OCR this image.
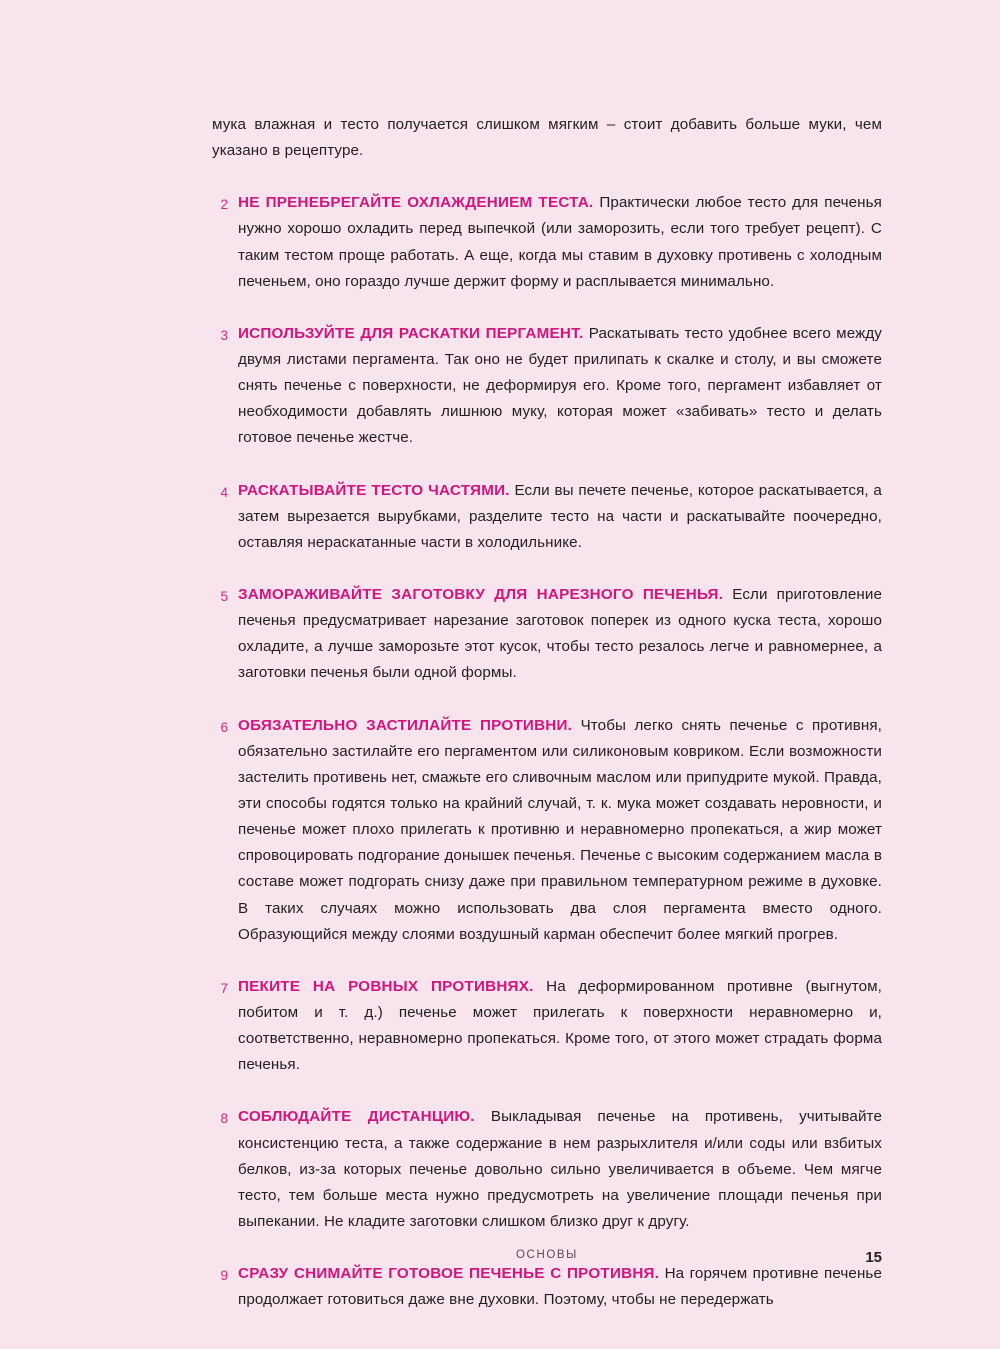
мука влажная и тесто получается слишком мягким – стоит добавить больше муки, чем указано в рецептуре.

2 НЕ ПРЕНЕБРЕГАЙТЕ ОХЛАЖДЕНИЕМ ТЕСТА. Практически любое тесто для печенья нужно хорошо охладить перед выпечкой (или заморозить, если того требует рецепт). С таким тестом проще работать. А еще, когда мы ставим в духовку противень с холодным печеньем, оно гораздо лучше держит форму и расплывается минимально.

3 ИСПОЛЬЗУЙТЕ ДЛЯ РАСКАТКИ ПЕРГАМЕНТ. Раскатывать тесто удобнее всего между двумя листами пергамента. Так оно не будет прилипать к скалке и столу, и вы сможете снять печенье с поверхности, не деформируя его. Кроме того, пергамент избавляет от необходимости добавлять лишнюю муку, которая может «забивать» тесто и делать готовое печенье жестче.

4 РАСКАТЫВАЙТЕ ТЕСТО ЧАСТЯМИ. Если вы печете печенье, которое раскатывается, а затем вырезается вырубками, разделите тесто на части и раскатывайте поочередно, оставляя нераскатанные части в холодильнике.

5 ЗАМОРАЖИВАЙТЕ ЗАГОТОВКУ ДЛЯ НАРЕЗНОГО ПЕЧЕНЬЯ. Если приготовление печенья предусматривает нарезание заготовок поперек из одного куска теста, хорошо охладите, а лучше заморозьте этот кусок, чтобы тесто резалось легче и равномернее, а заготовки печенья были одной формы.

6 ОБЯЗАТЕЛЬНО ЗАСТИЛАЙТЕ ПРОТИВНИ. Чтобы легко снять печенье с противня, обязательно застилайте его пергаментом или силиконовым ковриком. Если возможности застелить противень нет, смажьте его сливочным маслом или припудрите мукой. Правда, эти способы годятся только на крайний случай, т. к. мука может создавать неровности, и печенье может плохо прилегать к противню и неравномерно пропекаться, а жир может спровоцировать подгорание донышек печенья. Печенье с высоким содержанием масла в составе может подгорать снизу даже при правильном температурном режиме в духовке. В таких случаях можно использовать два слоя пергамента вместо одного. Образующийся между слоями воздушный карман обеспечит более мягкий прогрев.

7 ПЕКИТЕ НА РОВНЫХ ПРОТИВНЯХ. На деформированном противне (выгнутом, побитом и т. д.) печенье может прилегать к поверхности неравномерно и, соответственно, неравномерно пропекаться. Кроме того, от этого может страдать форма печенья.

8 СОБЛЮДАЙТЕ ДИСТАНЦИЮ. Выкладывая печенье на противень, учитывайте консистенцию теста, а также содержание в нем разрыхлителя и/или соды или взбитых белков, из-за которых печенье довольно сильно увеличивается в объеме. Чем мягче тесто, тем больше места нужно предусмотреть на увеличение площади печенья при выпекании. Не кладите заготовки слишком близко друг к другу.

9 СРАЗУ СНИМАЙТЕ ГОТОВОЕ ПЕЧЕНЬЕ С ПРОТИВНЯ. На горячем противне печенье продолжает готовиться даже вне духовки. Поэтому, чтобы не передержать

ОСНОВЫ	15
